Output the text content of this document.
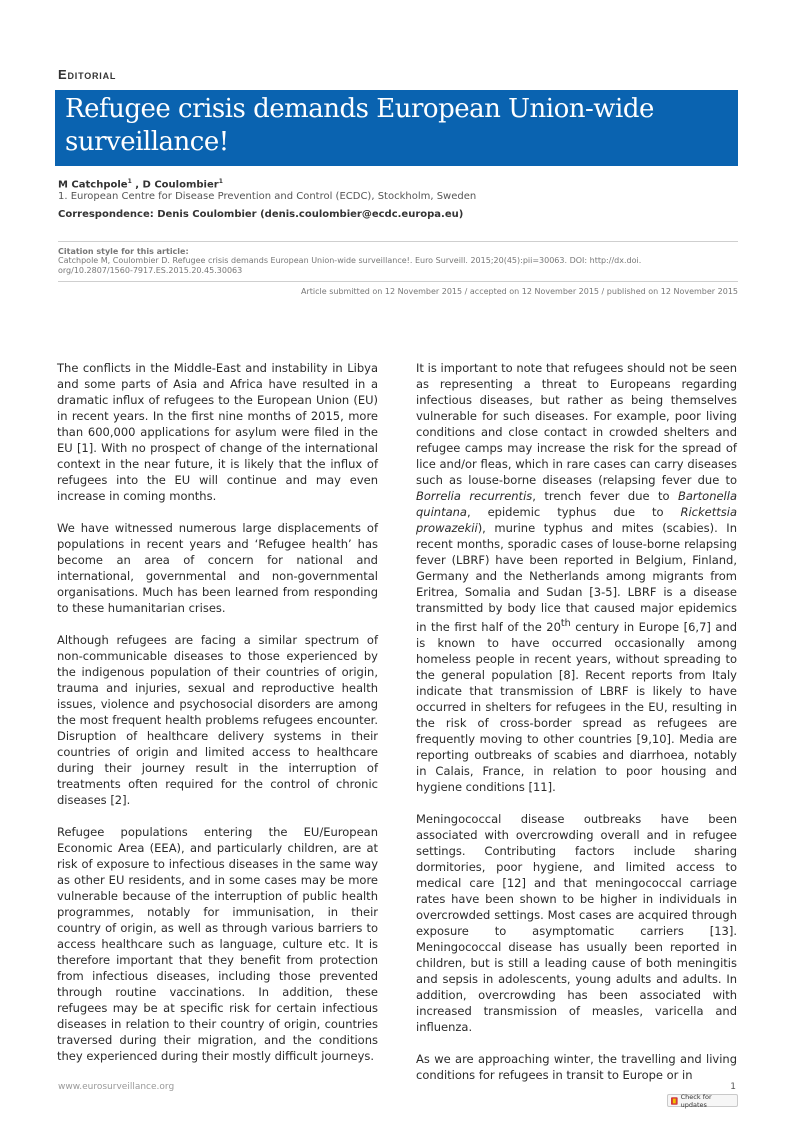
Editorial
Refugee crisis demands European Union-wide surveillance!
M Catchpole$^1$ , D Coulombier$^1$
1. European Centre for Disease Prevention and Control (ECDC), Stockholm, Sweden
Correspondence: Denis Coulombier (denis.coulombier@ecdc.europa.eu)
Citation style for this article:
Catchpole M, Coulombier D. Refugee crisis demands European Union-wide surveillance!. Euro Surveill. 2015;20(45):pii=30063. DOI: http://dx.doi. org/10.2807/1560-7917.ES.2015.20.45.30063
Article submitted on 12 November 2015 / accepted on 12 November 2015 / published on 12 November 2015

The conflicts in the Middle-East and instability in Libya and some parts of Asia and Africa have resulted in a dramatic influx of refugees to the European Union (EU) in recent years. In the first nine months of 2015, more than 600,000 applications for asylum were filed in the EU [1]. With no prospect of change of the international context in the near future, it is likely that the influx of refugees into the EU will continue and may even increase in coming months.

We have witnessed numerous large displacements of populations in recent years and ‘Refugee health’ has become an area of concern for national and international, governmental and non-governmental organisations. Much has been learned from responding to these humanitarian crises.

Although refugees are facing a similar spectrum of non-communicable diseases to those experienced by the indigenous population of their countries of origin, trauma and injuries, sexual and reproductive health issues, violence and psychosocial disorders are among the most frequent health problems refugees encounter. Disruption of healthcare delivery systems in their countries of origin and limited access to healthcare during their journey result in the interruption of treatments often required for the control of chronic diseases [2].

Refugee populations entering the EU/European Economic Area (EEA), and particularly children, are at risk of exposure to infectious diseases in the same way as other EU residents, and in some cases may be more vulnerable because of the interruption of public health programmes, notably for immunisation, in their country of origin, as well as through various barriers to access healthcare such as language, culture etc. It is therefore important that they benefit from protection from infectious diseases, including those prevented through routine vaccinations. In addition, these refugees may be at specific risk for certain infectious diseases in relation to their country of origin, countries traversed during their migration, and the conditions they experienced during their mostly difficult journeys.

It is important to note that refugees should not be seen as representing a threat to Europeans regarding infectious diseases, but rather as being themselves vulnerable for such diseases. For example, poor living conditions and close contact in crowded shelters and refugee camps may increase the risk for the spread of lice and/or fleas, which in rare cases can carry diseases such as louse-borne diseases (relapsing fever due to Borrelia recurrentis, trench fever due to Bartonella quintana, epidemic typhus due to Rickettsia prowazekii), murine typhus and mites (scabies). In recent months, sporadic cases of louse-borne relapsing fever (LBRF) have been reported in Belgium, Finland, Germany and the Netherlands among migrants from Eritrea, Somalia and Sudan [3-5]. LBRF is a disease transmitted by body lice that caused major epidemics in the first half of the 20th century in Europe [6,7] and is known to have occurred occasionally among homeless people in recent years, without spreading to the general population [8]. Recent reports from Italy indicate that transmission of LBRF is likely to have occurred in shelters for refugees in the EU, resulting in the risk of cross-border spread as refugees are frequently moving to other countries [9,10]. Media are reporting outbreaks of scabies and diarrhoea, notably in Calais, France, in relation to poor housing and hygiene conditions [11].

Meningococcal disease outbreaks have been associated with overcrowding overall and in refugee settings. Contributing factors include sharing dormitories, poor hygiene, and limited access to medical care [12] and that meningococcal carriage rates have been shown to be higher in individuals in overcrowded settings. Most cases are acquired through exposure to asymptomatic carriers [13]. Meningococcal disease has usually been reported in children, but is still a leading cause of both meningitis and sepsis in adolescents, young adults and adults. In addition, overcrowding has been associated with increased transmission of measles, varicella and influenza.

As we are approaching winter, the travelling and living conditions for refugees in transit to Europe or in

www.eurosurveillance.org	1
Check for updates
